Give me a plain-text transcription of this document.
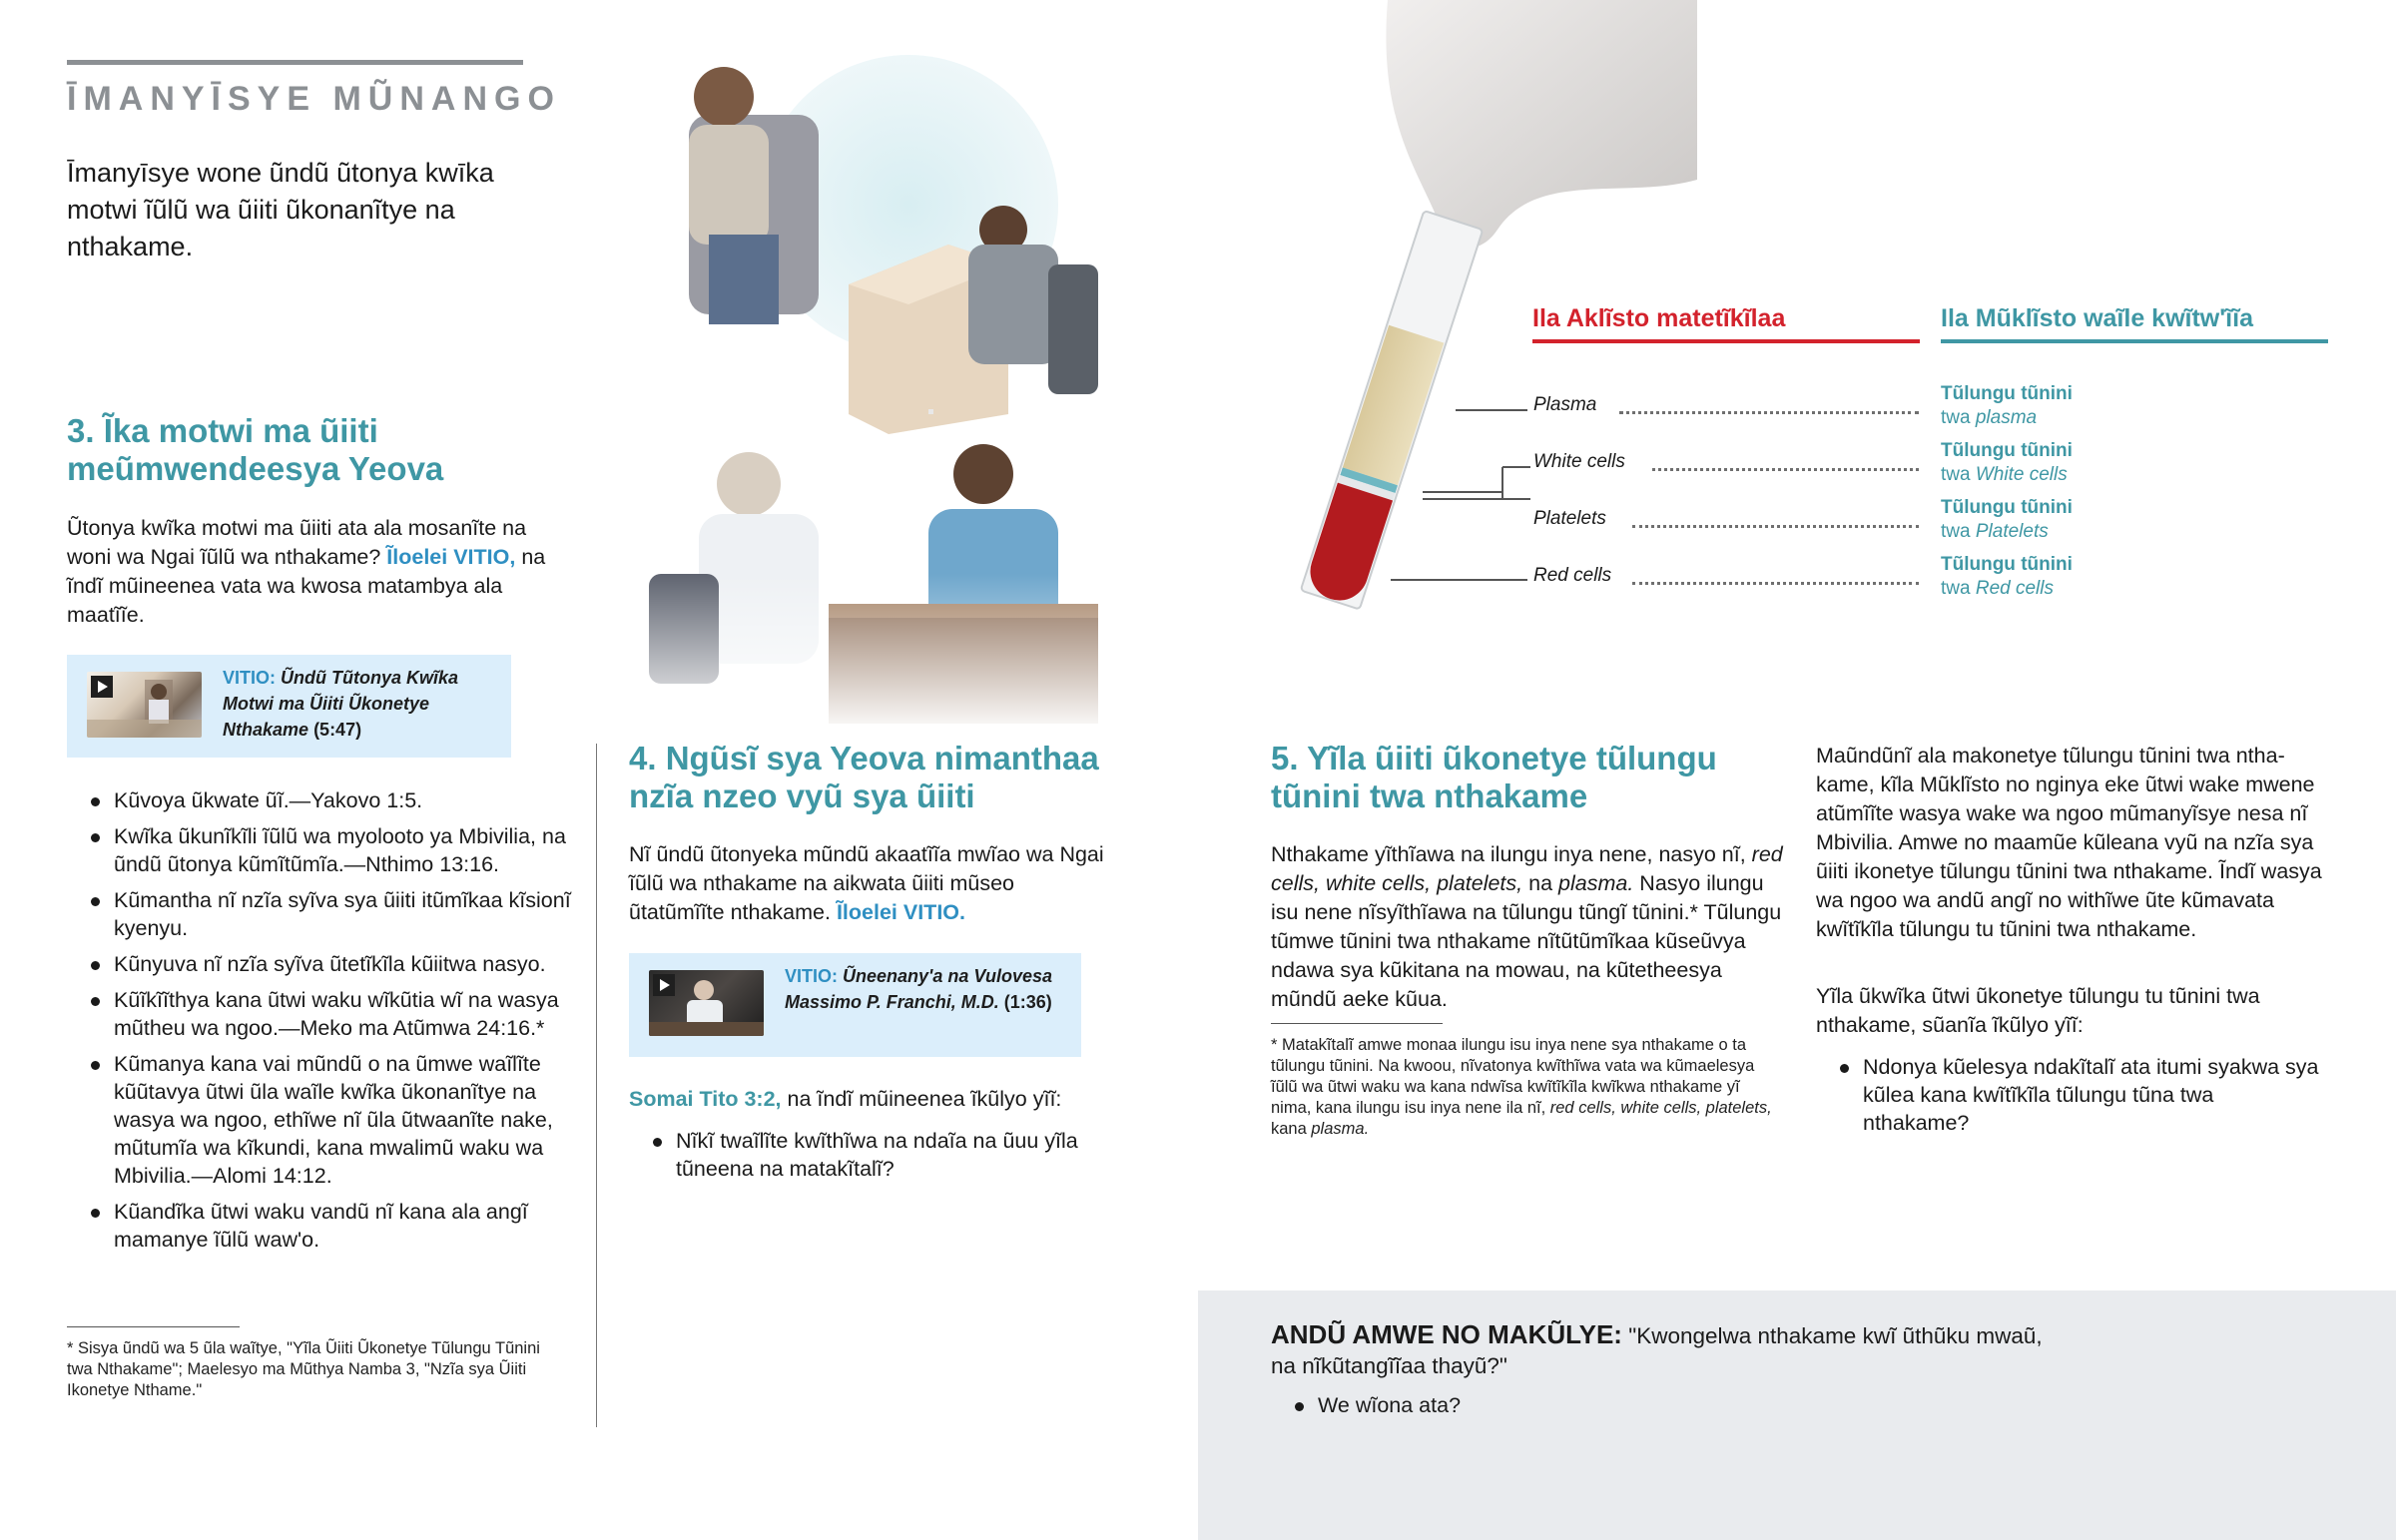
ĪMANYĪSYE MŨNANGO
Īmanyīsye wone ũndũ ũtonya kwīka motwi ĩũlũ wa ũiiti ũkonanĩtye na nthakame.
3. Ĩka motwi ma ũiiti meũmwendeesya Yeova
Ũtonya kwĩka motwi ma ũiiti ata ala mosanĩte na woni wa Ngai ĩũlũ wa nthakame? Ĩloelei VITIO, na ĩndĩ mũineenea vata wa kwosa matambya ala maatĩĩe.
VITIO: Ũndũ Tũtonya Kwĩka Motwi ma Ũiiti Ũkonetye Nthakame (5:47)
Kũvoya ũkwate ũĩ.—Yakovo 1:5.
Kwĩka ũkunĩkĩli ĩũlũ wa myolooto ya Mbivilia, na ũndũ ũtonya kũmĩtũmĩa.—Nthimo 13:16.
Kũmantha nĩ nzĩa syĩva sya ũiiti itũmĩkaa kĩsionĩ kyenyu.
Kũnyuva nĩ nzĩa syĩva ũtetĩkĩla kũiitwa nasyo.
Kũĩkĩĩthya kana ũtwi waku wĩkũtia wĩ na wasya mũtheu wa ngoo.—Meko ma Atũmwa 24:16.*
Kũmanya kana vai mũndũ o na ũmwe waĩlĩte kũũtavya ũtwi ũla waĩle kwĩka ũkonanĩtye na wasya wa ngoo, ethĩwe nĩ ũla ũtwaanĩte nake, mũtumĩa wa kĩkundi, kana mwalimũ waku wa Mbivilia.—Alomi 14:12.
Kũandĩka ũtwi waku vandũ nĩ kana ala angĩ mamanye ĩũlũ waw'o.
* Sisya ũndũ wa 5 ũla waĩtye, "Yĩla Ũiiti Ũkonetye Tũlungu Tũnini twa Nthakame"; Maelesyo ma Mũthya Namba 3, "Nzĩa sya Ũiiti Ikonetye Nthame."
4. Ngũsĩ sya Yeova nimanthaa nzĩa nzeo vyũ sya ũiiti
Nĩ ũndũ ũtonyeka mũndũ akaatĩĩa mwĩao wa Ngai ĩũlũ wa nthakame na aikwata ũiiti mũseo ũtatũmĩĩte nthakame. Ĩloelei VITIO.
VITIO: Ũneenany'a na Vulovesa Massimo P. Franchi, M.D. (1:36)
Somai Tito 3:2, na ĩndĩ mũineenea ĩkũlyo yĩĩ:
Nĩkĩ twaĩlĩte kwĩthĩwa na ndaĩa na ũuu yĩla tũneena na matakĩtalĩ?
Ila Aklĩsto matetĩkĩlaa	Ila Mũklĩsto waĩle kwĩtw'ĩĩa
Plasma
Tũlungu tũnini
twa plasma
White cells
Tũlungu tũnini
twa White cells
Platelets
Tũlungu tũnini
twa Platelets
Red cells
Tũlungu tũnini
twa Red cells
5. Yĩla ũiiti ũkonetye tũlungu tũnini twa nthakame
Nthakame yĩthĩawa na ilungu inya nene, nasyo nĩ, red cells, white cells, platelets, na plasma. Nasyo ilungu isu nene nĩsyĩthĩawa na tũlungu tũngĩ tũnini.* Tũlungu tũmwe tũnini twa nthakame nĩtũtũmĩkaa kũseũvya ndawa sya kũkitana na mowau, na kũtetheesya mũndũ aeke kũua.
* Matakĩtalĩ amwe monaa ilungu isu inya nene sya nthakame o ta tũlungu tũnini. Na kwoou, nĩvatonya kwĩthĩwa vata wa kũmaelesya ĩũlũ wa ũtwi waku wa kana ndwĩsa kwĩtĩkĩla kwĩkwa nthakame yĩ nima, kana ilungu isu inya nene ila nĩ, red cells, white cells, platelets, kana plasma.
Maũndũnĩ ala makonetye tũlungu tũnini twa nthakame, kĩla Mũklĩsto no nginya eke ũtwi wake mwene atũmĩĩte wasya wake wa ngoo mũmanyĩsye nesa nĩ Mbivilia. Amwe no maamũe kũleana vyũ na nzĩa sya ũiiti ikonetye tũlungu tũnini twa nthakame. Ĩndĩ wasya wa ngoo wa andũ angĩ no withĩwe ũte kũmavata kwĩtĩkĩla tũlungu tu tũnini twa nthakame.
Yĩla ũkwĩka ũtwi ũkonetye tũlungu tu tũnini twa nthakame, sũanĩa ĩkũlyo yĩĩ:
Ndonya kũelesya ndakĩtalĩ ata itumi syakwa sya kũlea kana kwĩtĩkĩla tũlungu tũna twa nthakame?
ANDŨ AMWE NO MAKŨLYE: "Kwongelwa nthakame kwĩ ũthũku mwaũ, na nĩkũtangĩĩaa thayũ?"
We wĩona ata?
